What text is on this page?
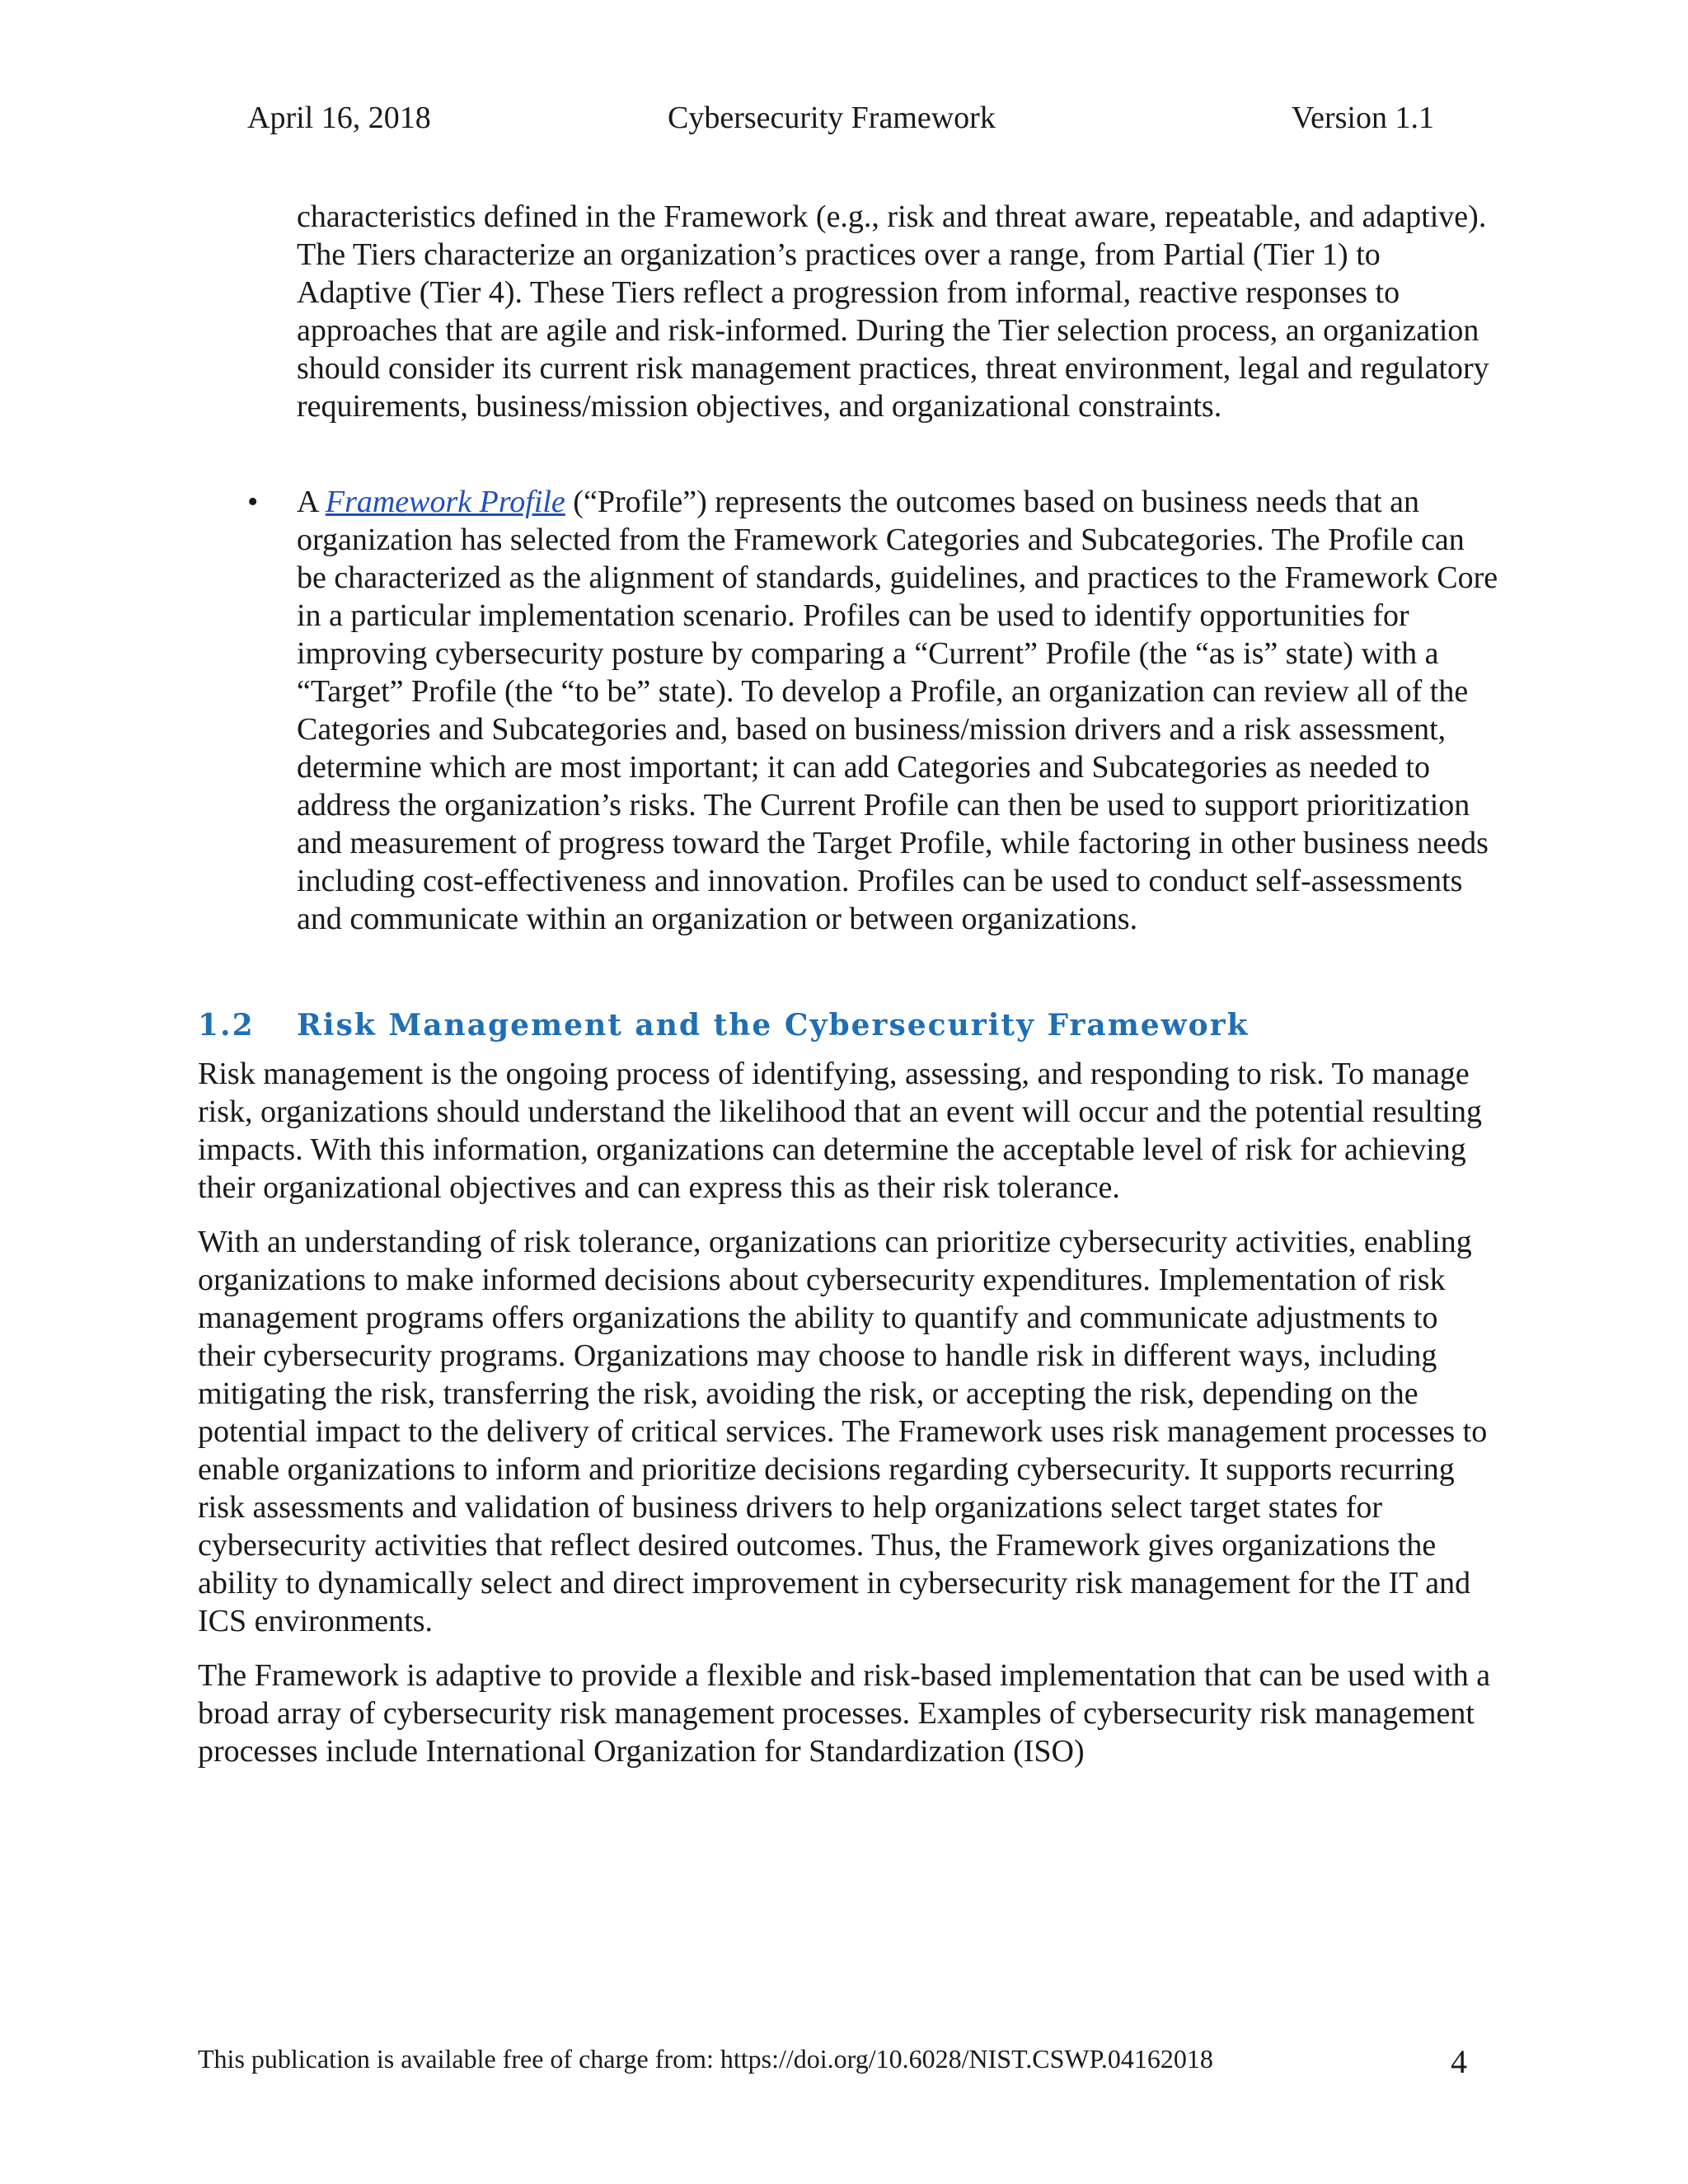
April 16, 2018	Cybersecurity Framework	Version 1.1
characteristics defined in the Framework (e.g., risk and threat aware, repeatable, and adaptive). The Tiers characterize an organization’s practices over a range, from Partial (Tier 1) to Adaptive (Tier 4). These Tiers reflect a progression from informal, reactive responses to approaches that are agile and risk-informed. During the Tier selection process, an organization should consider its current risk management practices, threat environment, legal and regulatory requirements, business/mission objectives, and organizational constraints.
•	A Framework Profile (“Profile”) represents the outcomes based on business needs that an organization has selected from the Framework Categories and Subcategories. The Profile can be characterized as the alignment of standards, guidelines, and practices to the Framework Core in a particular implementation scenario. Profiles can be used to identify opportunities for improving cybersecurity posture by comparing a “Current” Profile (the “as is” state) with a “Target” Profile (the “to be” state). To develop a Profile, an organization can review all of the Categories and Subcategories and, based on business/mission drivers and a risk assessment, determine which are most important; it can add Categories and Subcategories as needed to address the organization’s risks. The Current Profile can then be used to support prioritization and measurement of progress toward the Target Profile, while factoring in other business needs including cost-effectiveness and innovation. Profiles can be used to conduct self-assessments and communicate within an organization or between organizations.
1.2 Risk Management and the Cybersecurity Framework

Risk management is the ongoing process of identifying, assessing, and responding to risk. To manage risk, organizations should understand the likelihood that an event will occur and the potential resulting impacts. With this information, organizations can determine the acceptable level of risk for achieving their organizational objectives and can express this as their risk tolerance.

With an understanding of risk tolerance, organizations can prioritize cybersecurity activities, enabling organizations to make informed decisions about cybersecurity expenditures. Implementation of risk management programs offers organizations the ability to quantify and communicate adjustments to their cybersecurity programs. Organizations may choose to handle risk in different ways, including mitigating the risk, transferring the risk, avoiding the risk, or accepting the risk, depending on the potential impact to the delivery of critical services. The Framework uses risk management processes to enable organizations to inform and prioritize decisions regarding cybersecurity. It supports recurring risk assessments and validation of business drivers to help organizations select target states for cybersecurity activities that reflect desired outcomes. Thus, the Framework gives organizations the ability to dynamically select and direct improvement in cybersecurity risk management for the IT and ICS environments.

The Framework is adaptive to provide a flexible and risk-based implementation that can be used with a broad array of cybersecurity risk management processes. Examples of cybersecurity risk management processes include International Organization for Standardization (ISO)

This publication is available free of charge from: https://doi.org/10.6028/NIST.CSWP.04162018	4
